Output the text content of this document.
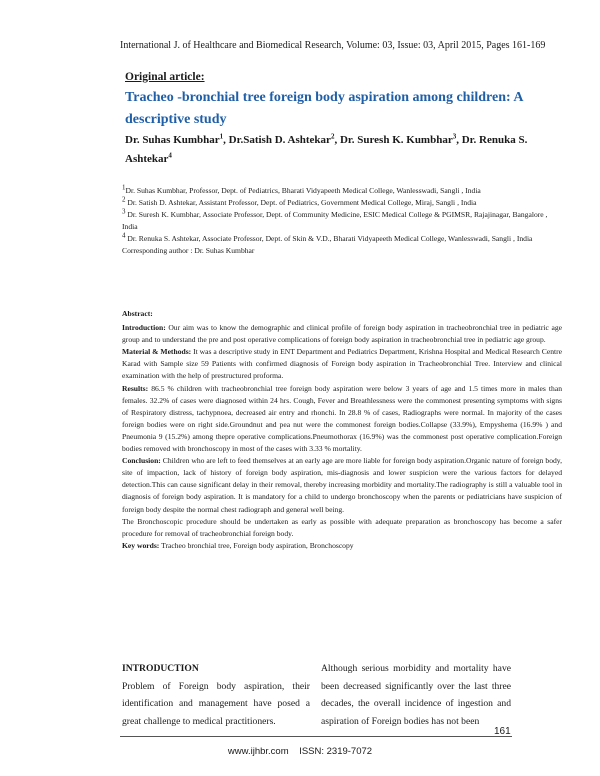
International J. of Healthcare and Biomedical Research, Volume: 03, Issue: 03, April 2015, Pages 161-169
Original article:
Tracheo -bronchial tree foreign body aspiration among children: A descriptive study
Dr. Suhas Kumbhar$^1$, Dr.Satish D. Ashtekar$^2$, Dr. Suresh K. Kumbhar$^3$, Dr. Renuka S. Ashtekar$^4$

$^1$Dr. Suhas Kumbhar, Professor, Dept. of Pediatrics, Bharati Vidyapeeth Medical College, Wanlesswadi, Sangli , India

$^2$ Dr. Satish D. Ashtekar, Assistant Professor, Dept. of Pediatrics, Government Medical College, Miraj, Sangli , India

$^3$ Dr. Suresh K. Kumbhar, Associate Professor, Dept. of Community Medicine, ESIC Medical College & PGIMSR, Rajajinagar, Bangalore , India

$^4$ Dr. Renuka S. Ashtekar, Associate Professor, Dept. of Skin & V.D., Bharati Vidyapeeth Medical College, Wanlesswadi, Sangli , India

Corresponding author : Dr. Suhas Kumbhar

Abstract:

Introduction: Our aim was to know the demographic and clinical profile of foreign body aspiration in tracheobronchial tree in pediatric age group and to understand the pre and post operative complications of foreign body aspiration in tracheobronchial tree in pediatric age group.

Material & Methods: It was a descriptive study in ENT Department and Pediatrics Department, Krishna Hospital and Medical Research Centre Karad with Sample size 59 Patients with confirmed diagnosis of Foreign body aspiration in Tracheobronchial Tree. Interview and clinical examination with the help of prestructured proforma.

Results: 86.5 % children with tracheobronchial tree foreign body aspiration were below 3 years of age and 1.5 times more in males than females. 32.2% of cases were diagnosed within 24 hrs. Cough, Fever and Breathlessness were the commonest presenting symptoms with signs of Respiratory distress, tachypnoea, decreased air entry and rhonchi. In 28.8 % of cases, Radiographs were normal. In majority of the cases foreign bodies were on right side.Groundnut and pea nut were the commonest foreign bodies.Collapse (33.9%), Empyshema (16.9% ) and Pneumonia 9 (15.2%) among thepre operative complications.Pneumothorax (16.9%) was the commonest post operative complication.Foreign bodies removed with bronchoscopy in most of the cases with 3.33 % mortality.

Conclusion: Children who are left to feed themselves at an early age are more liable for foreign body aspiration.Organic nature of foreign body, site of impaction, lack of history of foreign body aspiration, mis-diagnosis and lower suspicion were the various factors for delayed detection.This can cause significant delay in their removal, thereby increasing morbidity and mortality.The radiography is still a valuable tool in diagnosis of foreign body aspiration. It is mandatory for a child to undergo bronchoscopy when the parents or pediatricians have suspicion of foreign body despite the normal chest radiograph and general well being.

The Bronchoscopic procedure should be undertaken as early as possible with adequate preparation as bronchoscopy has become a safer procedure for removal of tracheobronchial foreign body.

Key words: Tracheo bronchial tree, Foreign body aspiration, Bronchoscopy

INTRODUCTION

Problem of Foreign body aspiration, their identification and management have posed a great challenge to medical practitioners.

Although serious morbidity and mortality have been decreased significantly over the last three decades, the overall incidence of ingestion and aspiration of Foreign bodies has not been

161
www.ijhbr.com ISSN: 2319-7072
